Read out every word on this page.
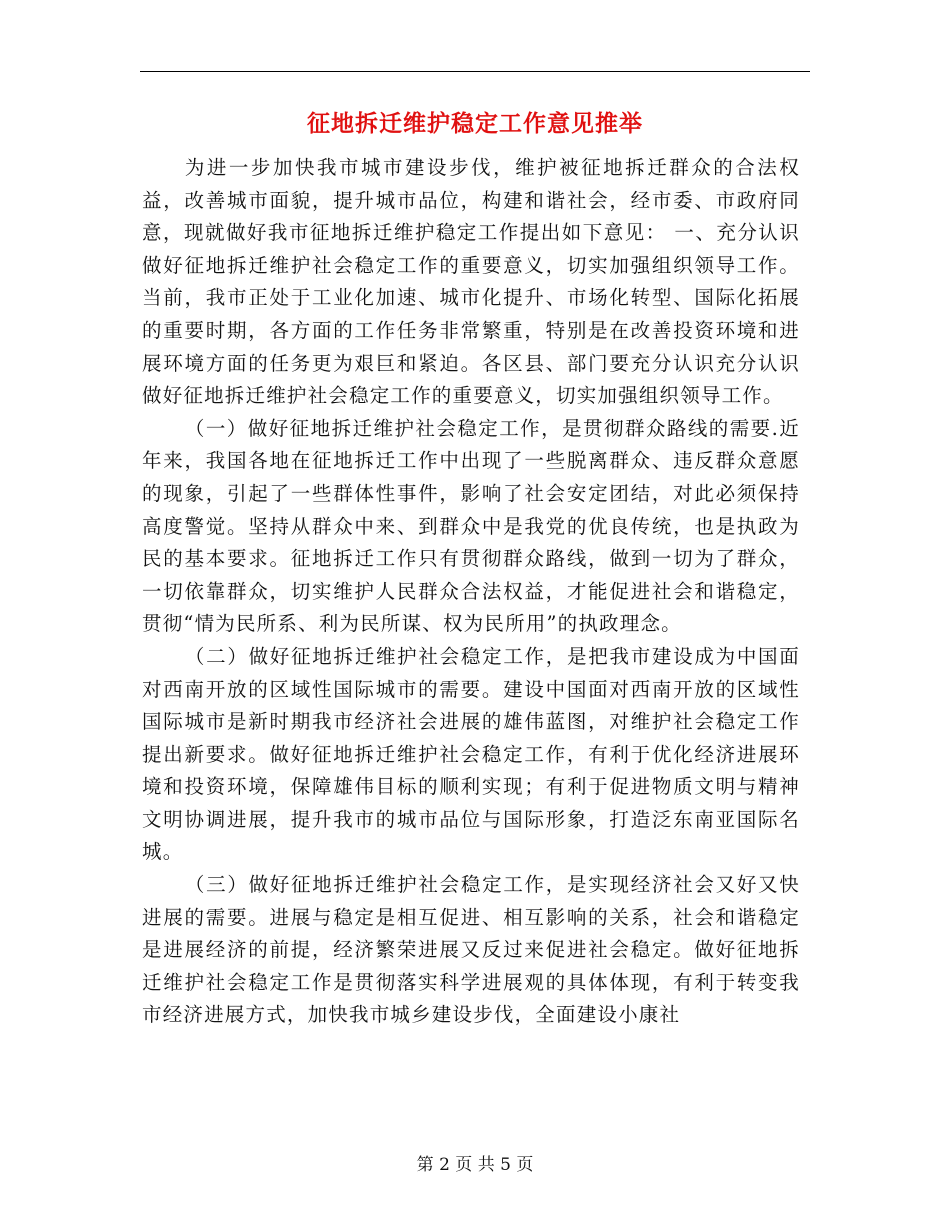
征地拆迁维护稳定工作意见推举

为进一步加快我市城市建设步伐，维护被征地拆迁群众的合法权益，改善城市面貌，提升城市品位，构建和谐社会，经市委、市政府同意，现就做好我市征地拆迁维护稳定工作提出如下意见： 一、充分认识做好征地拆迁维护社会稳定工作的重要意义，切实加强组织领导工作。 当前，我市正处于工业化加速、城市化提升、市场化转型、国际化拓展的重要时期，各方面的工作任务非常繁重，特别是在改善投资环境和进展环境方面的任务更为艰巨和紧迫。各区县、部门要充分认识充分认识做好征地拆迁维护社会稳定工作的重要意义，切实加强组织领导工作。

（一）做好征地拆迁维护社会稳定工作，是贯彻群众路线的需要.近年来，我国各地在征地拆迁工作中出现了一些脱离群众、违反群众意愿的现象，引起了一些群体性事件，影响了社会安定团结，对此必须保持高度警觉。坚持从群众中来、到群众中是我党的优良传统，也是执政为民的基本要求。征地拆迁工作只有贯彻群众路线，做到一切为了群众，一切依靠群众，切实维护人民群众合法权益，才能促进社会和谐稳定，贯彻“情为民所系、利为民所谋、权为民所用”的执政理念。

（二）做好征地拆迁维护社会稳定工作，是把我市建设成为中国面对西南开放的区域性国际城市的需要。建设中国面对西南开放的区域性国际城市是新时期我市经济社会进展的雄伟蓝图，对维护社会稳定工作提出新要求。做好征地拆迁维护社会稳定工作，有利于优化经济进展环境和投资环境，保障雄伟目标的顺利实现；有利于促进物质文明与精神文明协调进展，提升我市的城市品位与国际形象，打造泛东南亚国际名城。

（三）做好征地拆迁维护社会稳定工作，是实现经济社会又好又快进展的需要。进展与稳定是相互促进、相互影响的关系，社会和谐稳定是进展经济的前提，经济繁荣进展又反过来促进社会稳定。做好征地拆迁维护社会稳定工作是贯彻落实科学进展观的具体体现，有利于转变我市经济进展方式，加快我市城乡建设步伐，全面建设小康社

第 2 页 共 5 页
